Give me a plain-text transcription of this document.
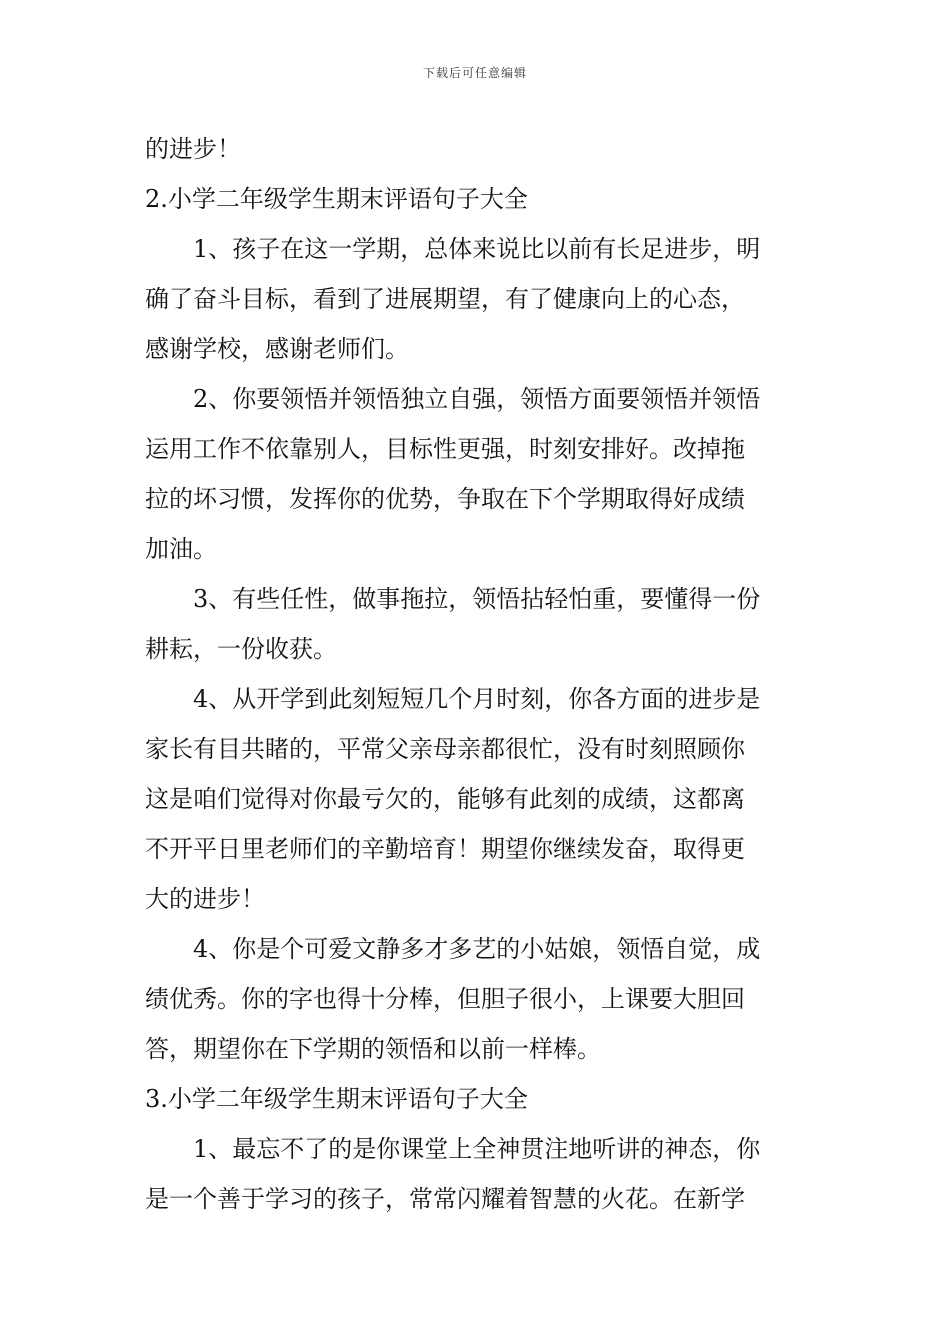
下载后可任意编辑
的进步！
2.小学二年级学生期末评语句子大全
1、孩子在这一学期，总体来说比以前有长足进步，明
确了奋斗目标，看到了进展期望，有了健康向上的心态，
感谢学校，感谢老师们。
2、你要领悟并领悟独立自强，领悟方面要领悟并领悟
运用工作不依靠别人，目标性更强，时刻安排好。改掉拖
拉的坏习惯，发挥你的优势，争取在下个学期取得好成绩
加油。
3、有些任性，做事拖拉，领悟拈轻怕重，要懂得一份
耕耘，一份收获。
4、从开学到此刻短短几个月时刻，你各方面的进步是
家长有目共睹的，平常父亲母亲都很忙，没有时刻照顾你
这是咱们觉得对你最亏欠的，能够有此刻的成绩，这都离
不开平日里老师们的辛勤培育！期望你继续发奋，取得更
大的进步！
4、你是个可爱文静多才多艺的小姑娘，领悟自觉，成
绩优秀。你的字也得十分棒，但胆子很小，上课要大胆回
答，期望你在下学期的领悟和以前一样棒。
3.小学二年级学生期末评语句子大全
1、最忘不了的是你课堂上全神贯注地听讲的神态，你
是一个善于学习的孩子，常常闪耀着智慧的火花。在新学
